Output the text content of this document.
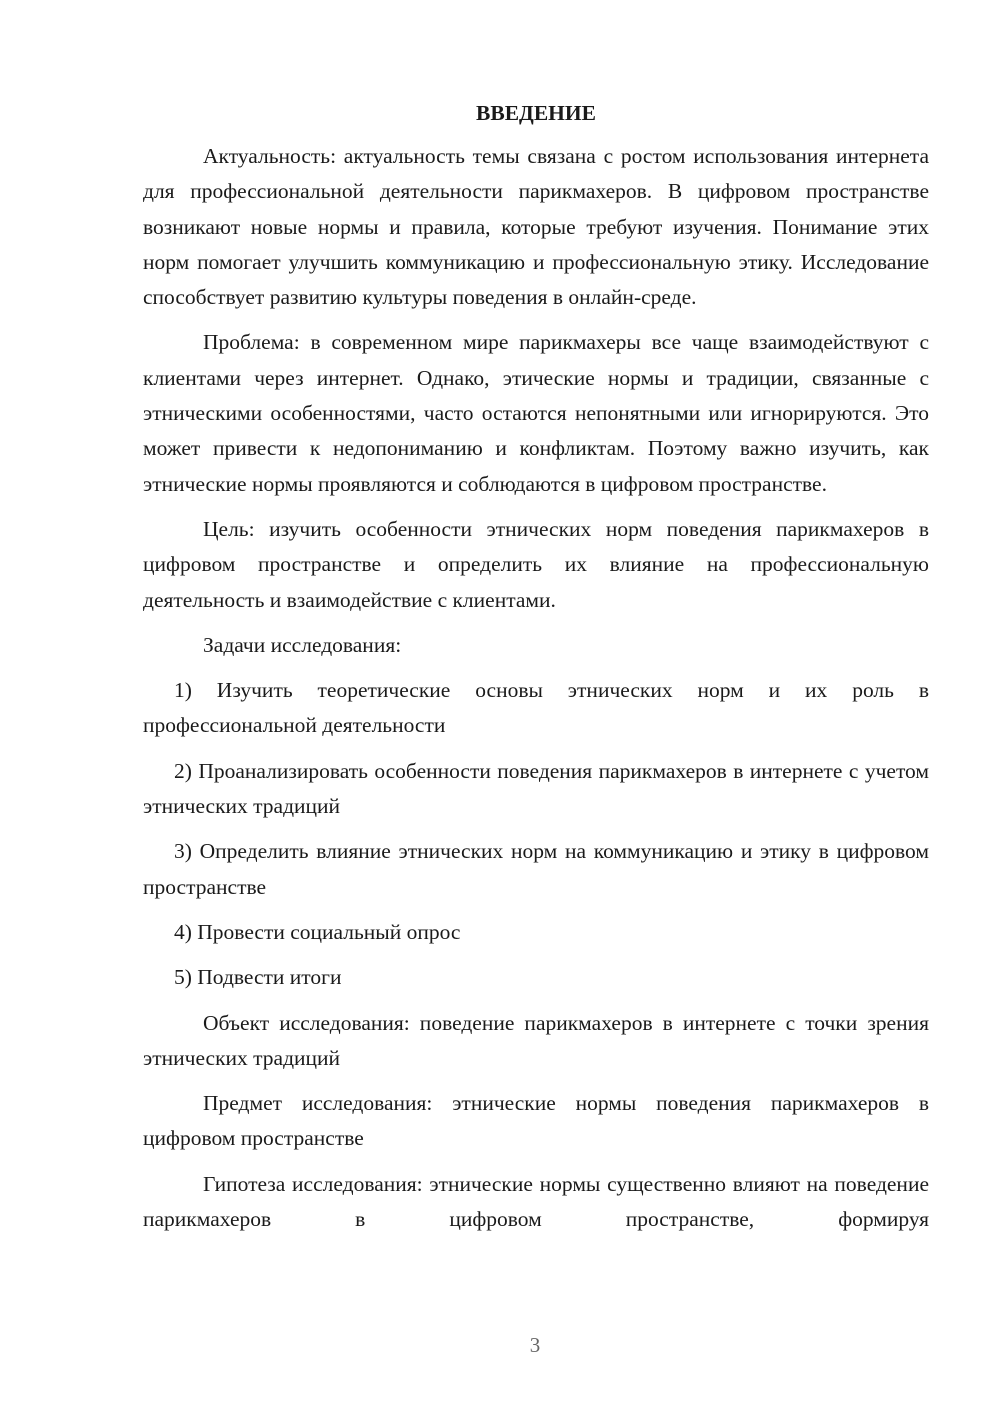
ВВЕДЕНИЕ

Актуальность: актуальность темы связана с ростом использования интернета для профессиональной деятельности парикмахеров. В цифровом пространстве возникают новые нормы и правила, которые требуют изучения. Понимание этих норм помогает улучшить коммуникацию и профессиональную этику. Исследование способствует развитию культуры поведения в онлайн-среде.

Проблема: в современном мире парикмахеры все чаще взаимодействуют с клиентами через интернет. Однако, этические нормы и традиции, связанные с этническими особенностями, часто остаются непонятными или игнорируются. Это может привести к недопониманию и конфликтам. Поэтому важно изучить, как этнические нормы проявляются и соблюдаются в цифровом пространстве.

Цель: изучить особенности этнических норм поведения парикмахеров в цифровом пространстве и определить их влияние на профессиональную деятельность и взаимодействие с клиентами.

Задачи исследования:

1) Изучить теоретические основы этнических норм и их роль в профессиональной деятельности

2) Проанализировать особенности поведения парикмахеров в интернете с учетом этнических традиций

3) Определить влияние этнических норм на коммуникацию и этику в цифровом пространстве

4) Провести социальный опрос

5) Подвести итоги

Объект исследования: поведение парикмахеров в интернете с точки зрения этнических традиций

Предмет исследования: этнические нормы поведения парикмахеров в цифровом пространстве

Гипотеза исследования: этнические нормы существенно влияют на поведение парикмахеров в цифровом пространстве, формируя

3
